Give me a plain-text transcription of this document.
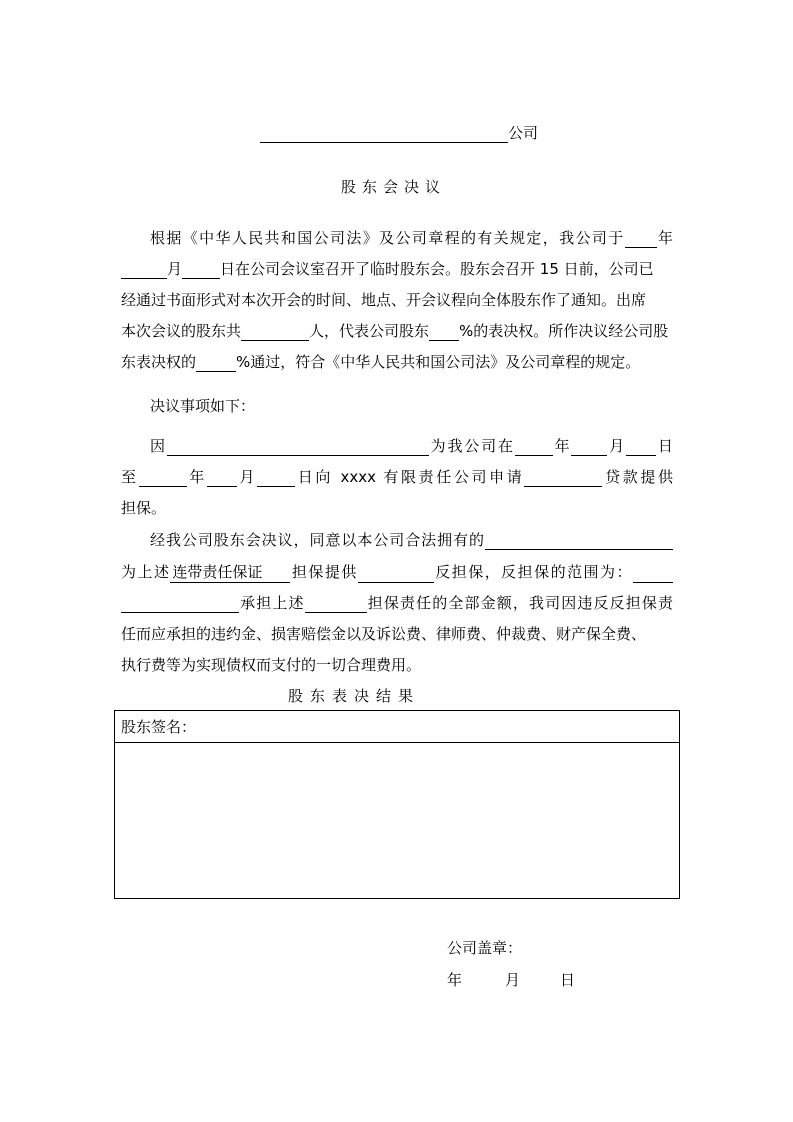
公司
股东会决议
根据《中华人民共和国公司法》及公司章程的有关规定，我公司于 年
月	日在公司会议室召开了临时股东会。股东会召开 15 日前，公司已
经通过书面形式对本次开会的时间、地点、开会议程向全体股东作了通知。出席
本次会议的股东共	人，代表公司股东 %的表决权。所作决议经公司股
东表决权的	%通过，符合《中华人民共和国公司法》及公司章程的规定。
决议事项如下：
因	为我公司在	年 月 日
至	年 月	日向 xxxx 有限责任公司申请	贷款提供
担保。
经我公司股东会决议，同意以本公司合法拥有的
为上述 连带责任保证 担保提供	反担保，反担保的范围为：
承担上述	担保责任的全部金额，我司因违反反担保责
任而应承担的违约金、损害赔偿金以及诉讼费、律师费、仲裁费、财产保全费、
执行费等为实现债权而支付的一切合理费用。
股东表决结果
股东签名：
公司盖章：
年	月	日
